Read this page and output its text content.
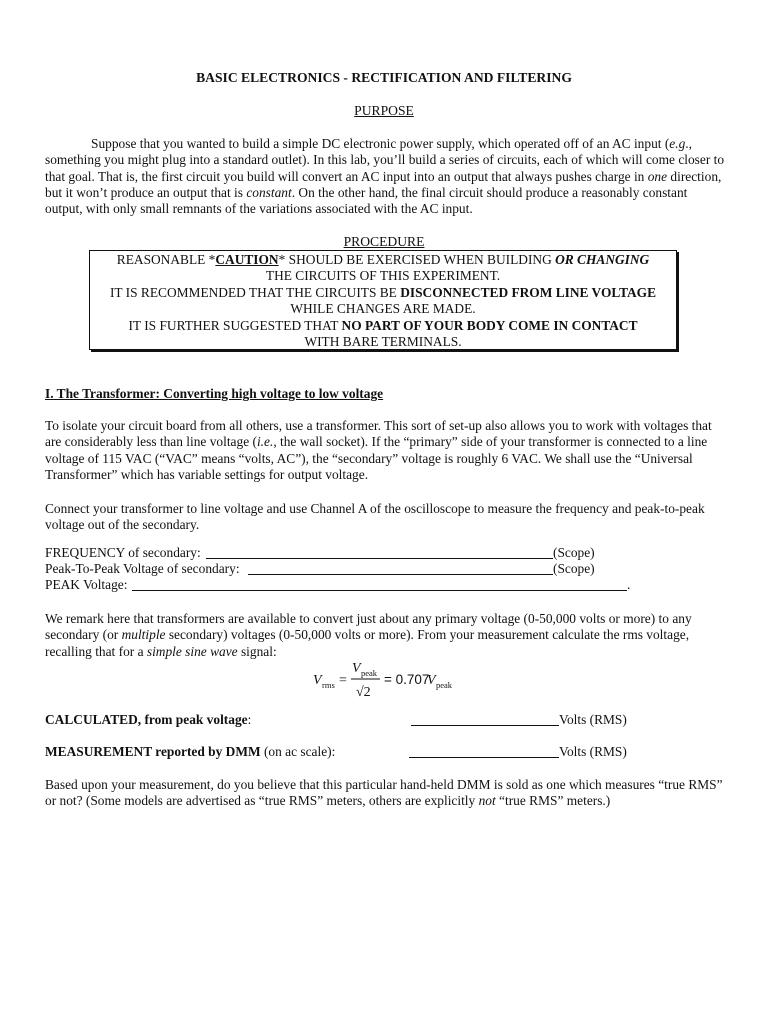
BASIC ELECTRONICS - RECTIFICATION AND FILTERING
PURPOSE

Suppose that you wanted to build a simple DC electronic power supply, which operated off of an AC input (e.g., something you might plug into a standard outlet). In this lab, you’ll build a series of circuits, each of which will come closer to that goal. That is, the first circuit you build will convert an AC input into an output that always pushes charge in one direction, but it won’t produce an output that is constant. On the other hand, the final circuit should produce a reasonably constant output, with only small remnants of the variations associated with the AC input.

PROCEDURE
REASONABLE *CAUTION* SHOULD BE EXERCISED WHEN BUILDING OR CHANGING
THE CIRCUITS OF THIS EXPERIMENT.
IT IS RECOMMENDED THAT THE CIRCUITS BE DISCONNECTED FROM LINE VOLTAGE
WHILE CHANGES ARE MADE.
IT IS FURTHER SUGGESTED THAT NO PART OF YOUR BODY COME IN CONTACT
WITH BARE TERMINALS.
I. The Transformer: Converting high voltage to low voltage

To isolate your circuit board from all others, use a transformer. This sort of set-up also allows you to work with voltages that are considerably less than line voltage (i.e., the wall socket). If the “primary” side of your transformer is connected to a line voltage of 115 VAC (“VAC” means “volts, AC”), the “secondary” voltage is roughly 6 VAC. We shall use the “Universal Transformer” which has variable settings for output voltage.

Connect your transformer to line voltage and use Channel A of the oscilloscope to measure the frequency and peak-to-peak voltage out of the secondary.

FREQUENCY of secondary:	(Scope)
Peak-To-Peak Voltage of secondary:	(Scope)
PEAK Voltage:	.

We remark here that transformers are available to convert just about any primary voltage (0-50,000 volts or more) to any secondary (or multiple secondary) voltages (0-50,000 volts or more). From your measurement calculate the rms voltage, recalling that for a simple sine wave signal:

V rms =
V peak
√2
= 0.707
V peak
CALCULATED, from peak voltage:	Volts (RMS)
MEASUREMENT reported by DMM (on ac scale):	Volts (RMS)

Based upon your measurement, do you believe that this particular hand-held DMM is sold as one which measures “true RMS” or not? (Some models are advertised as “true RMS” meters, others are explicitly not “true RMS” meters.)
